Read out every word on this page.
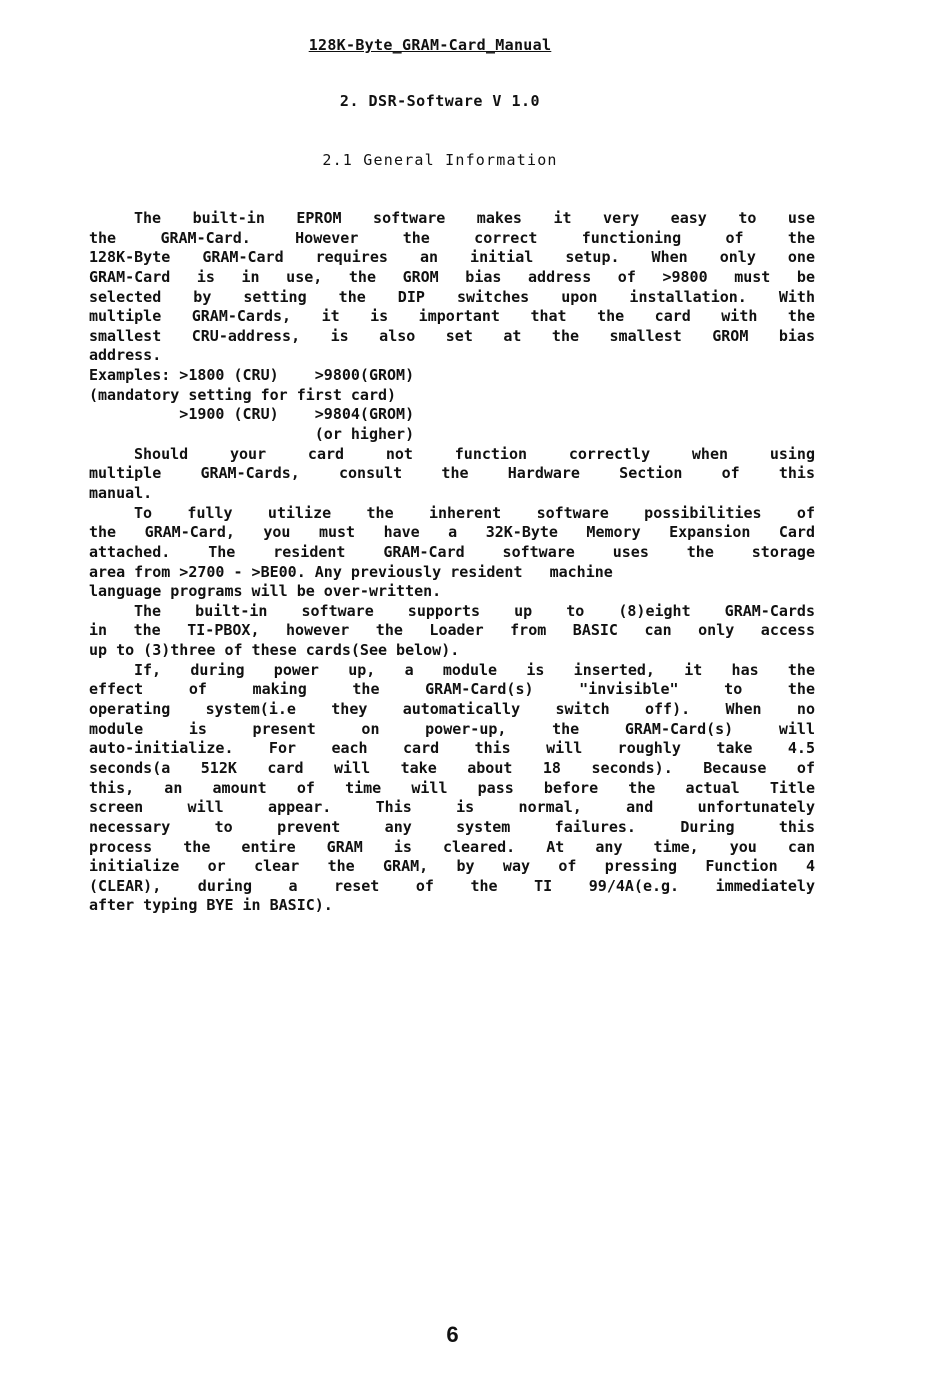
128K-Byte_GRAM-Card_Manual
2. DSR-Software V 1.0
2.1 General Information
The built-in EPROM software makes it very easy to use
the GRAM-Card. However the correct functioning of the
128K-Byte GRAM-Card requires an initial setup. When only one
GRAM-Card is in use, the GROM bias address of >9800 must be
selected by setting the DIP switches upon installation. With
multiple GRAM-Cards, it is important that the card with the
smallest CRU-address, is also set at the smallest GROM bias
address.
Examples: >1800 (CRU)    >9800(GROM)
(mandatory setting for first card)
>1900 (CRU)    >9804(GROM)
(or higher)
Should your card not function correctly when using
multiple GRAM-Cards, consult the Hardware Section of this
manual.
To fully utilize the inherent software possibilities of
the GRAM-Card, you must have a 32K-Byte Memory Expansion Card
attached. The resident GRAM-Card software uses the storage
area from >2700 - >BE00. Any previously resident   machine
language programs will be over-written.
The built-in software supports up to (8)eight GRAM-Cards
in the TI-PBOX, however the Loader from BASIC can only access
up to (3)three of these cards(See below).
If, during power up, a module is inserted, it has the
effect of making the GRAM-Card(s) "invisible" to the
operating system(i.e they automatically switch off). When no
module is present on power-up, the GRAM-Card(s) will
auto-initialize. For each card this will roughly take 4.5
seconds(a 512K card will take about 18 seconds). Because of
this, an amount of time will pass before the actual Title
screen will appear. This is normal, and unfortunately
necessary to prevent any system failures. During this
process the entire GRAM is cleared. At any time, you can
initialize or clear the GRAM, by way of pressing Function 4
(CLEAR), during a reset of the TI 99/4A(e.g. immediately
after typing BYE in BASIC).
6
